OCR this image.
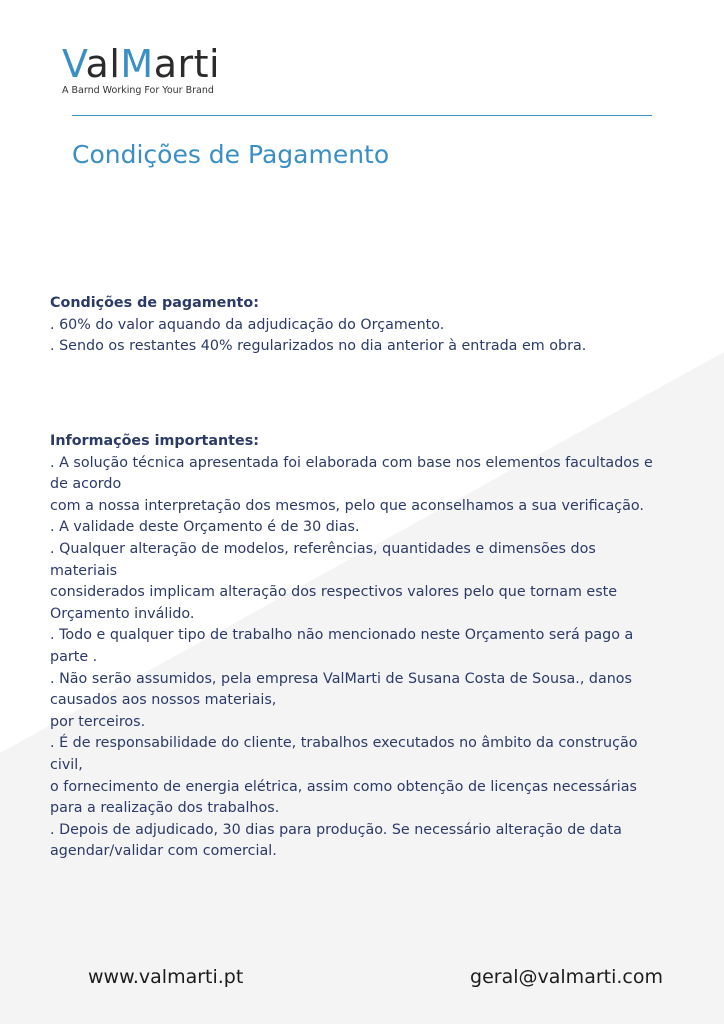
ValMarti
A Barnd Working For Your Brand
Condições de Pagamento

Condições de pagamento:

. 60% do valor aquando da adjudicação do Orçamento.

. Sendo os restantes 40% regularizados no dia anterior à entrada em obra.

Informações importantes:

. A solução técnica apresentada foi elaborada com base nos elementos facultados e de acordo

com a nossa interpretação dos mesmos, pelo que aconselhamos a sua verificação.

. A validade deste Orçamento é de 30 dias.

. Qualquer alteração de modelos, referências, quantidades e dimensões dos materiais

considerados implicam alteração dos respectivos valores pelo que tornam este Orçamento inválido.

. Todo e qualquer tipo de trabalho não mencionado neste Orçamento será pago a parte .

. Não serão assumidos, pela empresa ValMarti de Susana Costa de Sousa., danos causados aos nossos materiais,

por terceiros.

. É de responsabilidade do cliente, trabalhos executados no âmbito da construção civil,

o fornecimento de energia elétrica, assim como obtenção de licenças necessárias para a realização dos trabalhos.

. Depois de adjudicado, 30 dias para produção. Se necessário alteração de data agendar/validar com comercial.

www.valmarti.pt	geral@valmarti.com
